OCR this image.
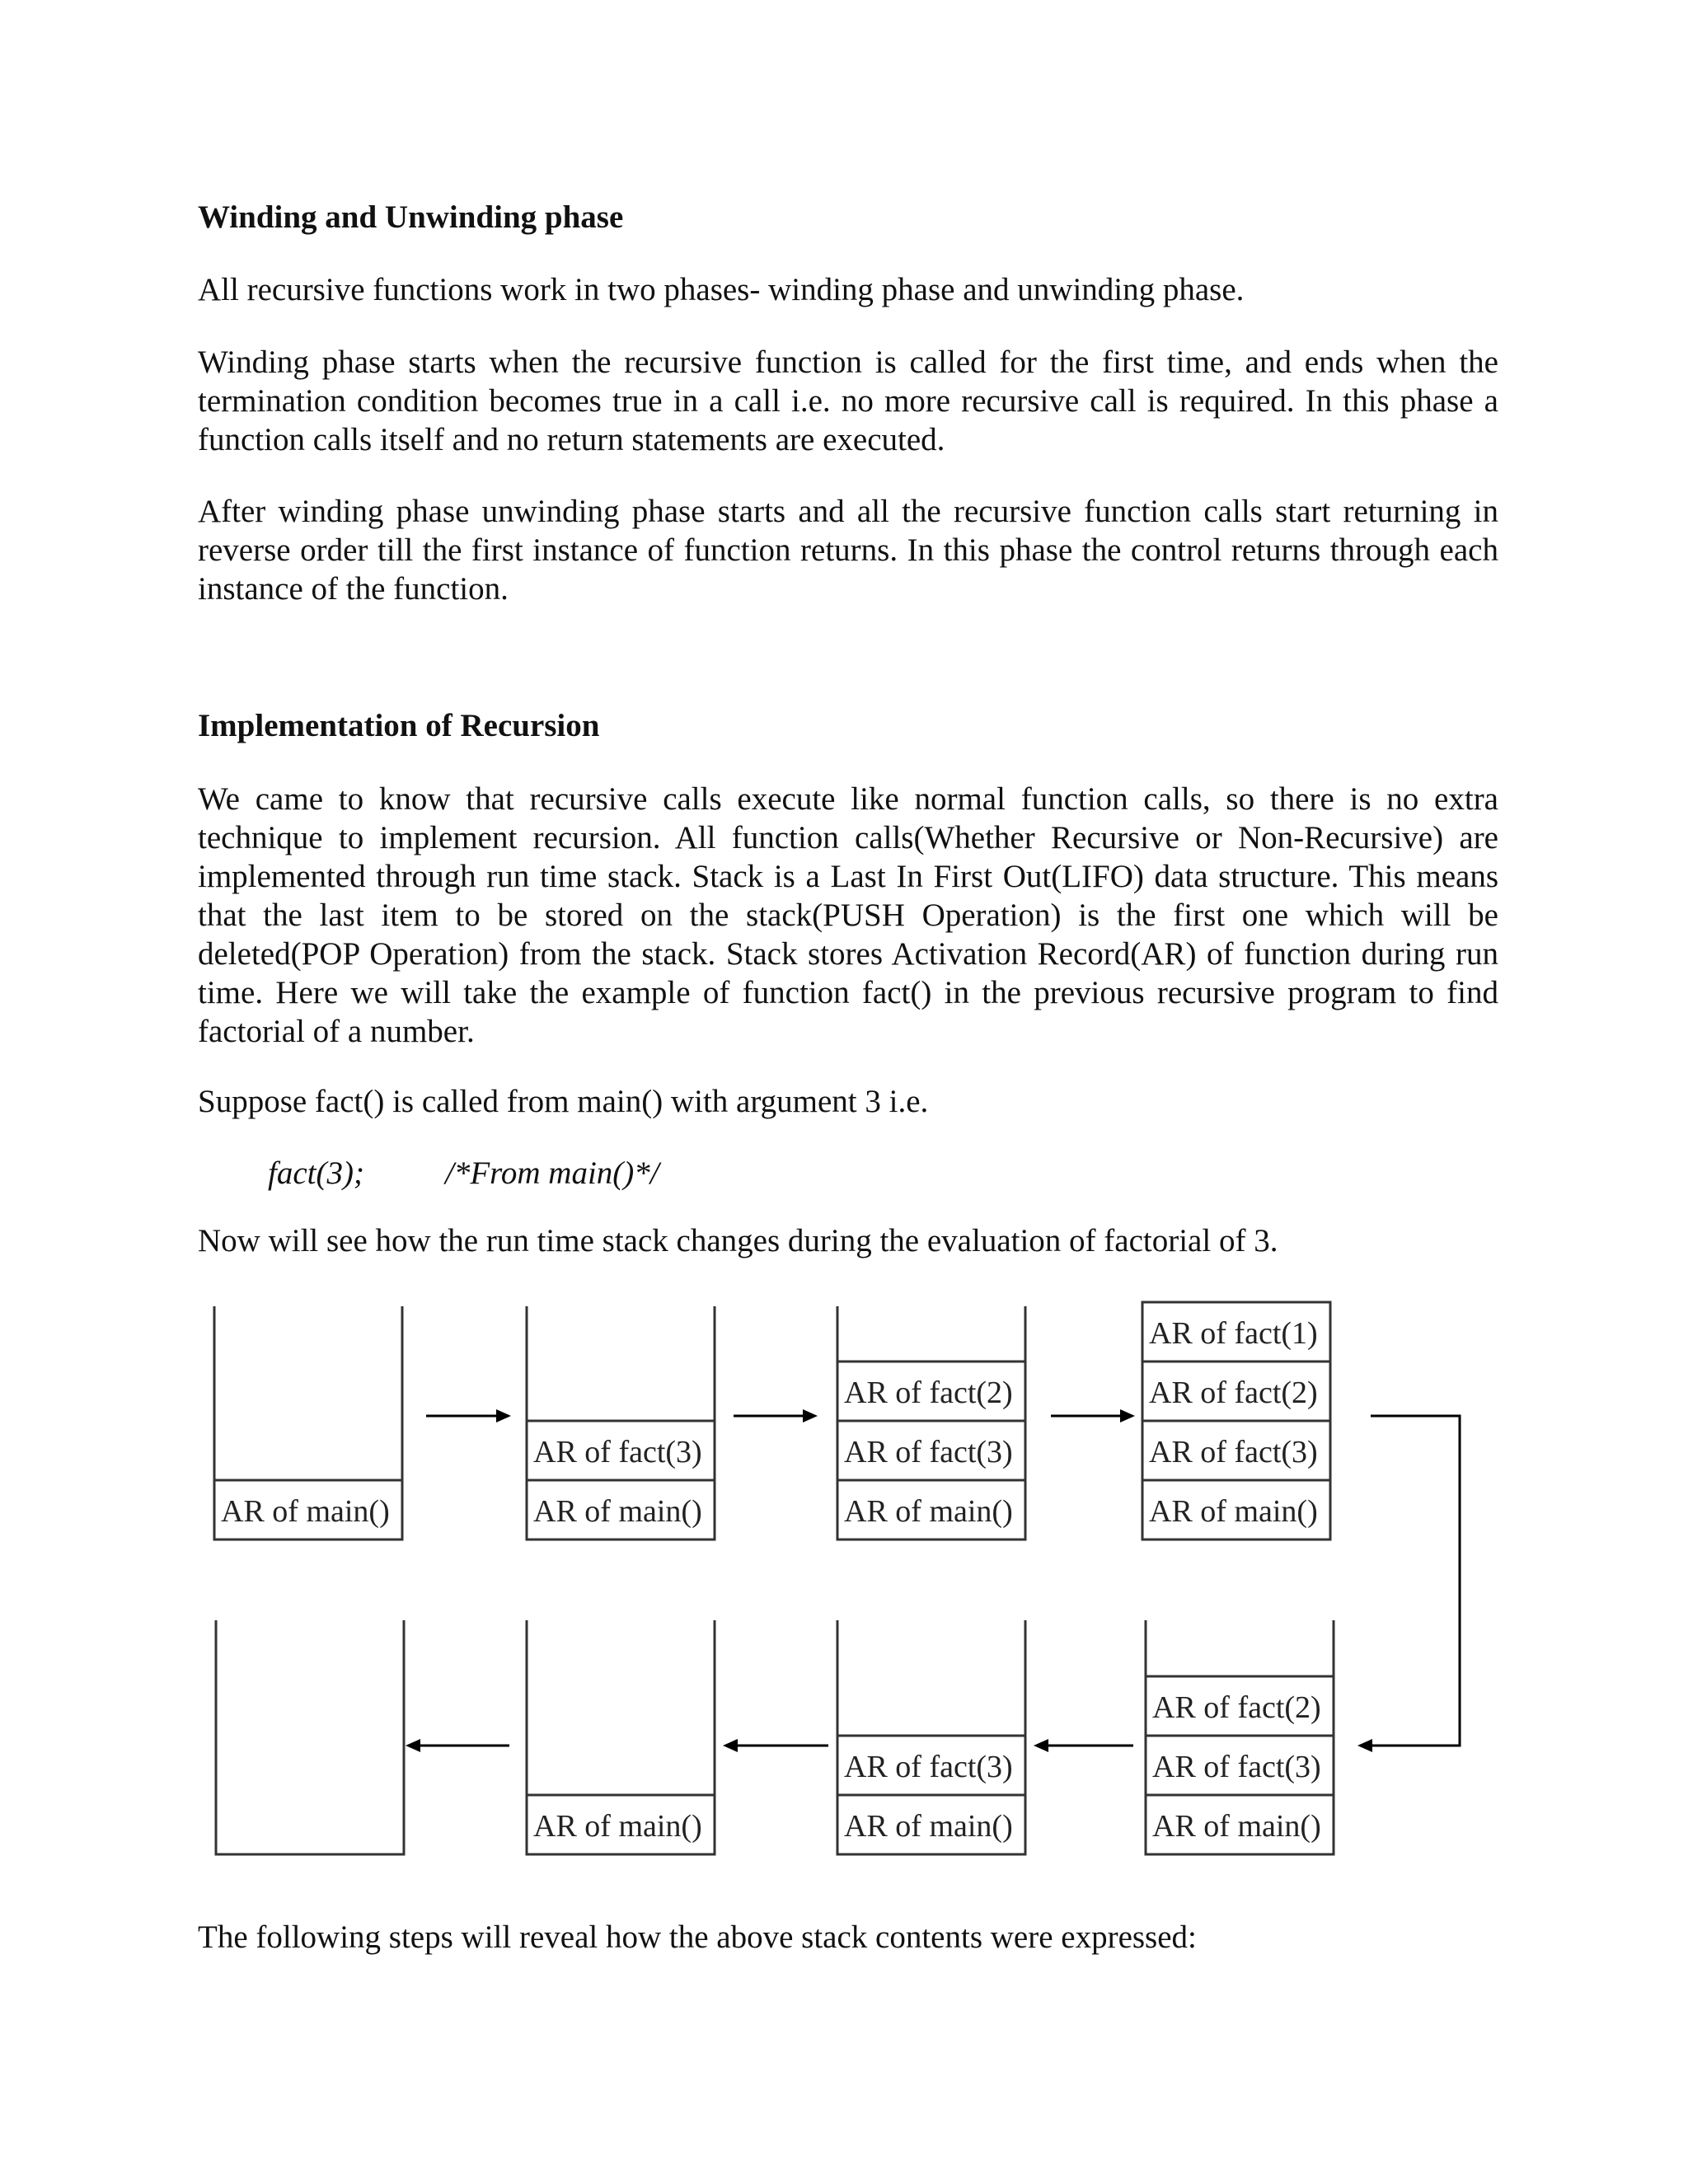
Winding and Unwinding phase
All recursive functions work in two phases- winding phase and unwinding phase.
Winding phase starts when the recursive function is called for the first time, and ends when the termination condition becomes true in a call i.e. no more recursive call is required. In this phase a function calls itself and no return statements are executed.
After winding phase unwinding phase starts and all the recursive function calls start returning in reverse order till the first instance of function returns. In this phase the control returns through each instance of the function.
Implementation of Recursion
We came to know that recursive calls execute like normal function calls, so there is no extra technique to implement recursion. All function calls(Whether Recursive or Non-Recursive) are implemented through run time stack. Stack is a Last In First Out(LIFO) data structure. This means that the last item to be stored on the stack(PUSH Operation) is the first one which will be deleted(POP Operation) from the stack. Stack stores Activation Record(AR) of function during run time. Here we will take the example of function fact() in the previous recursive program to find factorial of a number.
Suppose fact() is called from main() with argument 3 i.e.
fact(3);	/*From main()*/
Now will see how the run time stack changes during the evaluation of factorial of 3.
AR of main()	AR of main()
AR of fact(3)
AR of main()
AR of fact(3)
AR of fact(2)
AR of main()
AR of fact(3)
AR of fact(2)
AR of fact(1)
AR of main()	AR of main()
AR of fact(3)
AR of main()
AR of fact(3)
AR of fact(2)
The following steps will reveal how the above stack contents were expressed:
